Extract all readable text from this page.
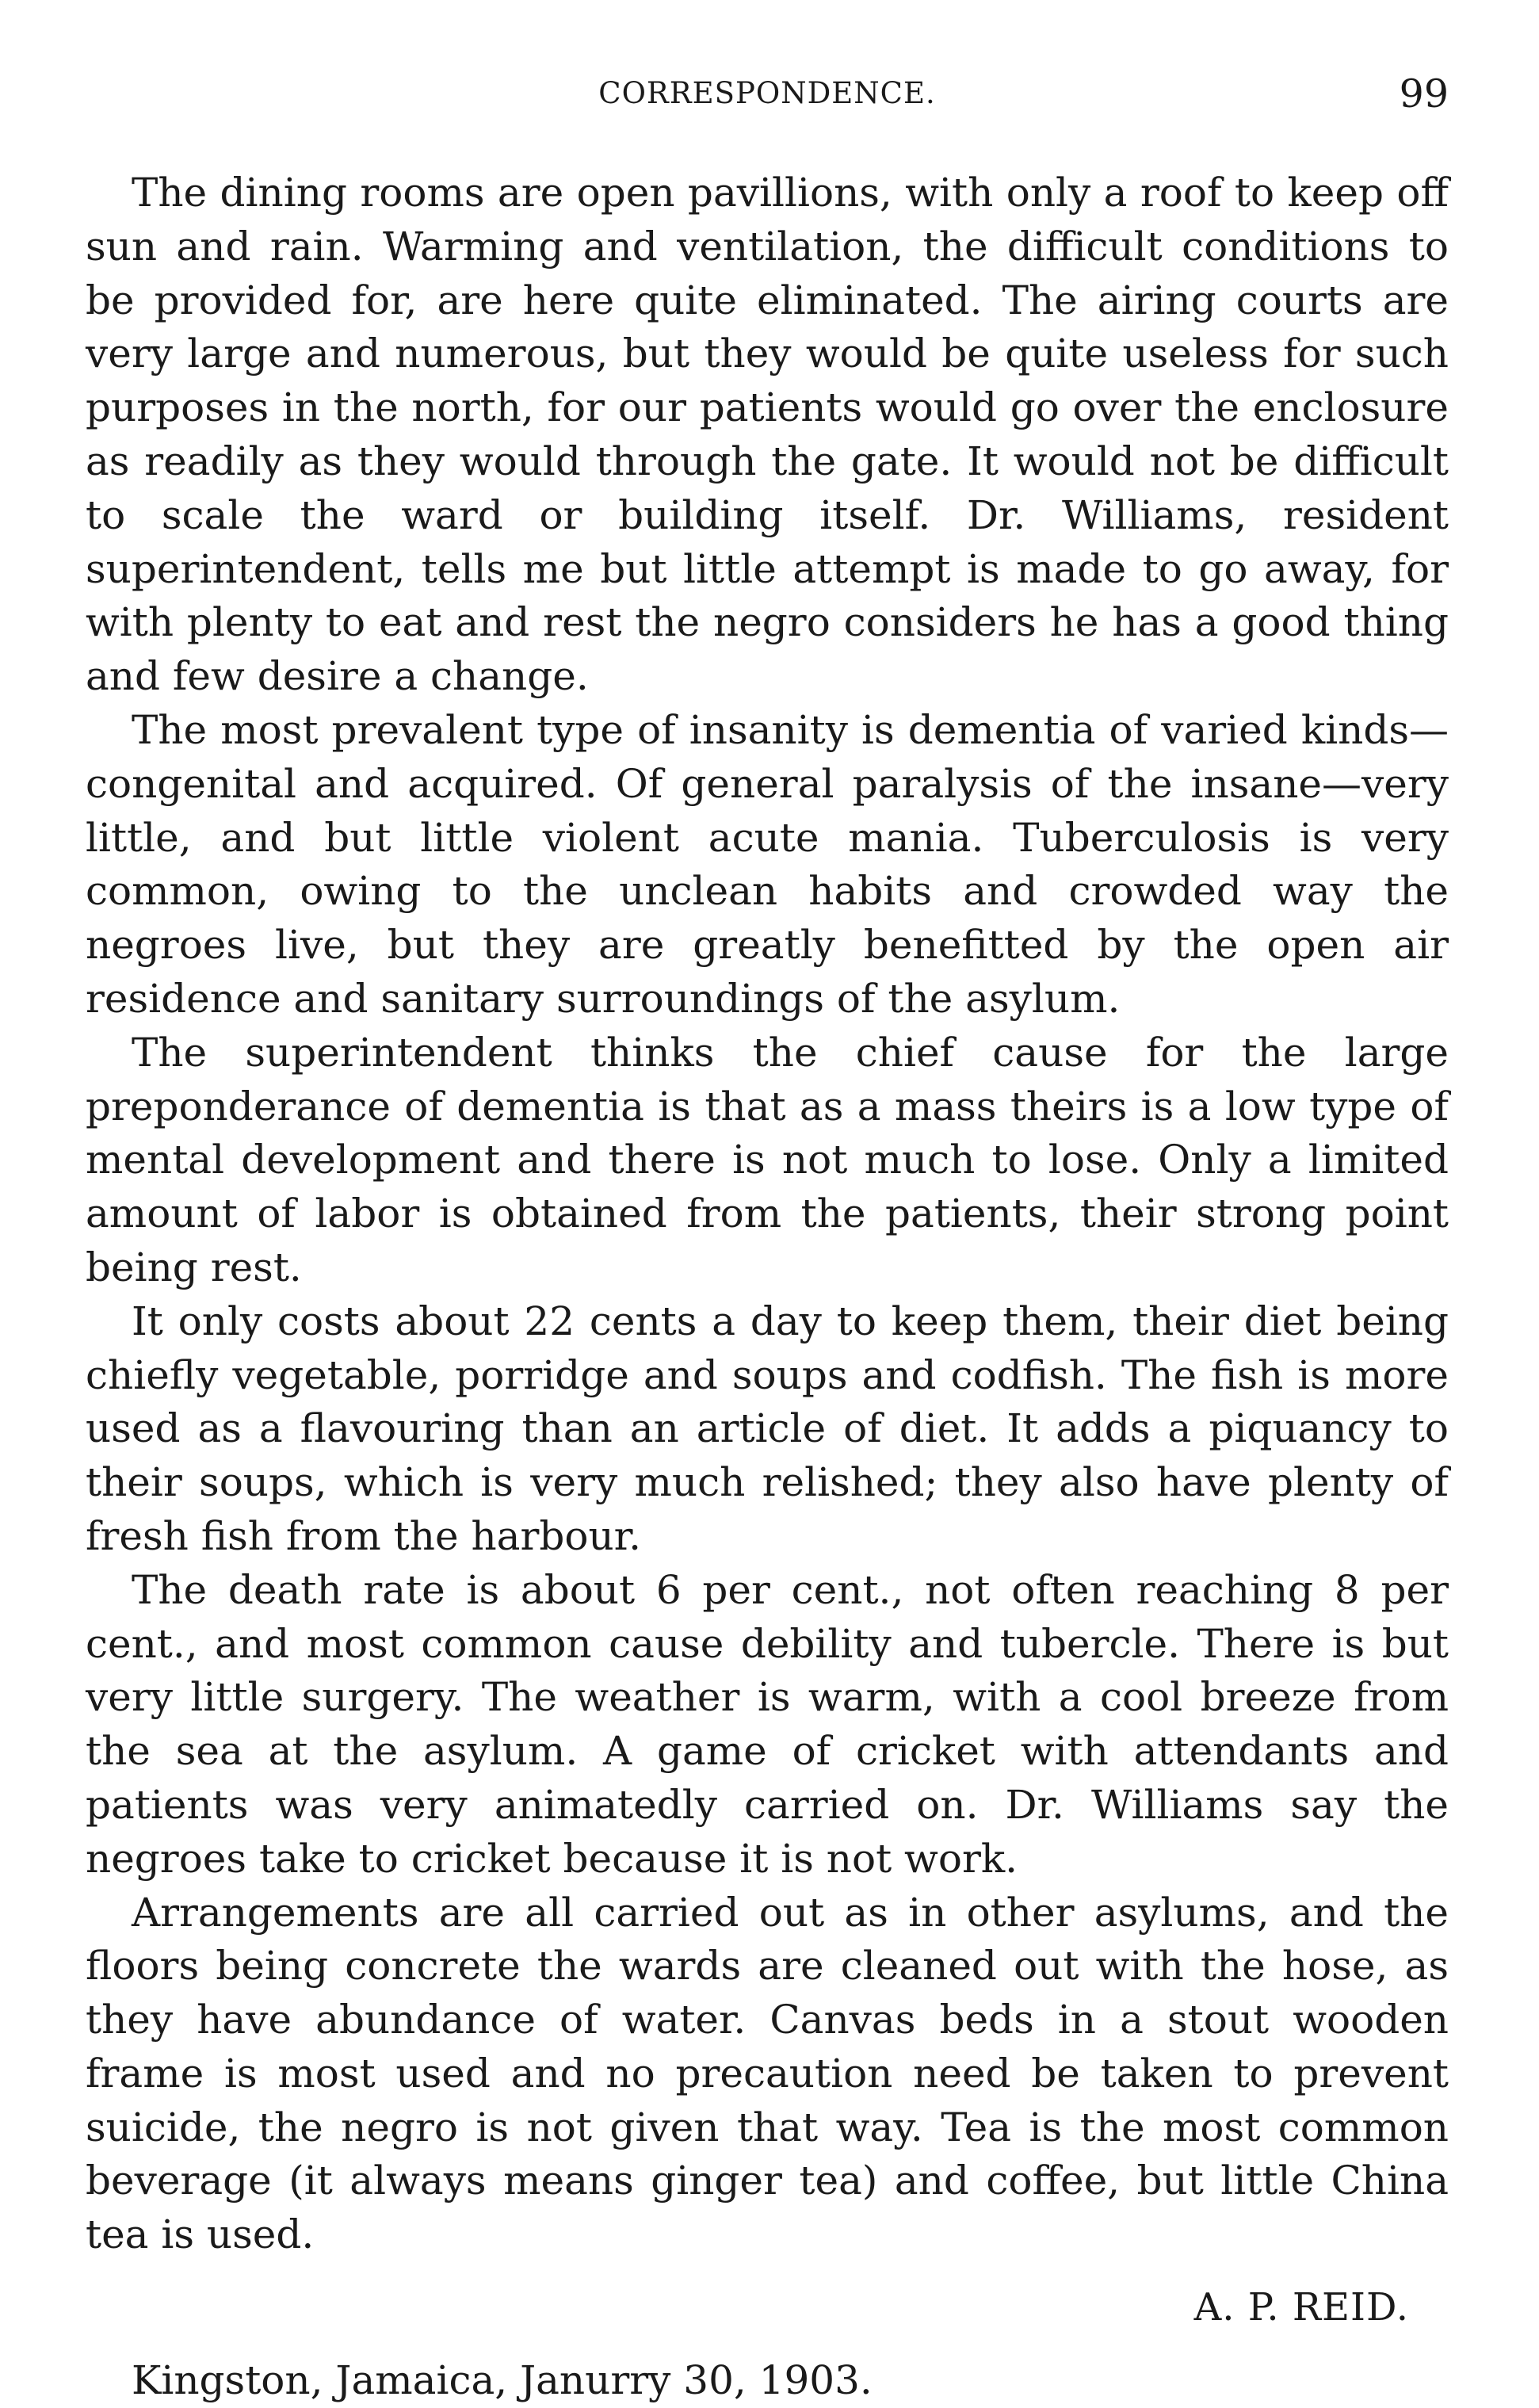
CORRESPONDENCE.	99

The dining rooms are open pavillions, with only a roof to keep off sun and rain. Warming and ventilation, the difficult conditions to be provided for, are here quite eliminated. The airing courts are very large and numerous, but they would be quite useless for such purposes in the north, for our patients would go over the enclosure as readily as they would through the gate. It would not be difficult to scale the ward or building itself. Dr. Williams, resident superintendent, tells me but little attempt is made to go away, for with plenty to eat and rest the negro considers he has a good thing and few desire a change.

The most prevalent type of insanity is dementia of varied kinds—congenital and acquired. Of general paralysis of the insane—very little, and but little violent acute mania. Tuberculosis is very common, owing to the unclean habits and crowded way the negroes live, but they are greatly benefitted by the open air residence and sanitary surroundings of the asylum.

The superintendent thinks the chief cause for the large preponderance of dementia is that as a mass theirs is a low type of mental development and there is not much to lose. Only a limited amount of labor is obtained from the patients, their strong point being rest.

It only costs about 22 cents a day to keep them, their diet being chiefly vegetable, porridge and soups and codfish. The fish is more used as a flavouring than an article of diet. It adds a piquancy to their soups, which is very much relished; they also have plenty of fresh fish from the harbour.

The death rate is about 6 per cent., not often reaching 8 per cent., and most common cause debility and tubercle. There is but very little surgery. The weather is warm, with a cool breeze from the sea at the asylum. A game of cricket with attendants and patients was very animatedly carried on. Dr. Williams say the negroes take to cricket because it is not work.

Arrangements are all carried out as in other asylums, and the floors being concrete the wards are cleaned out with the hose, as they have abundance of water. Canvas beds in a stout wooden frame is most used and no precaution need be taken to prevent suicide, the negro is not given that way. Tea is the most common beverage (it always means ginger tea) and coffee, but little China tea is used.

A. P. REID.
Kingston, Jamaica, Janurry 30, 1903.
